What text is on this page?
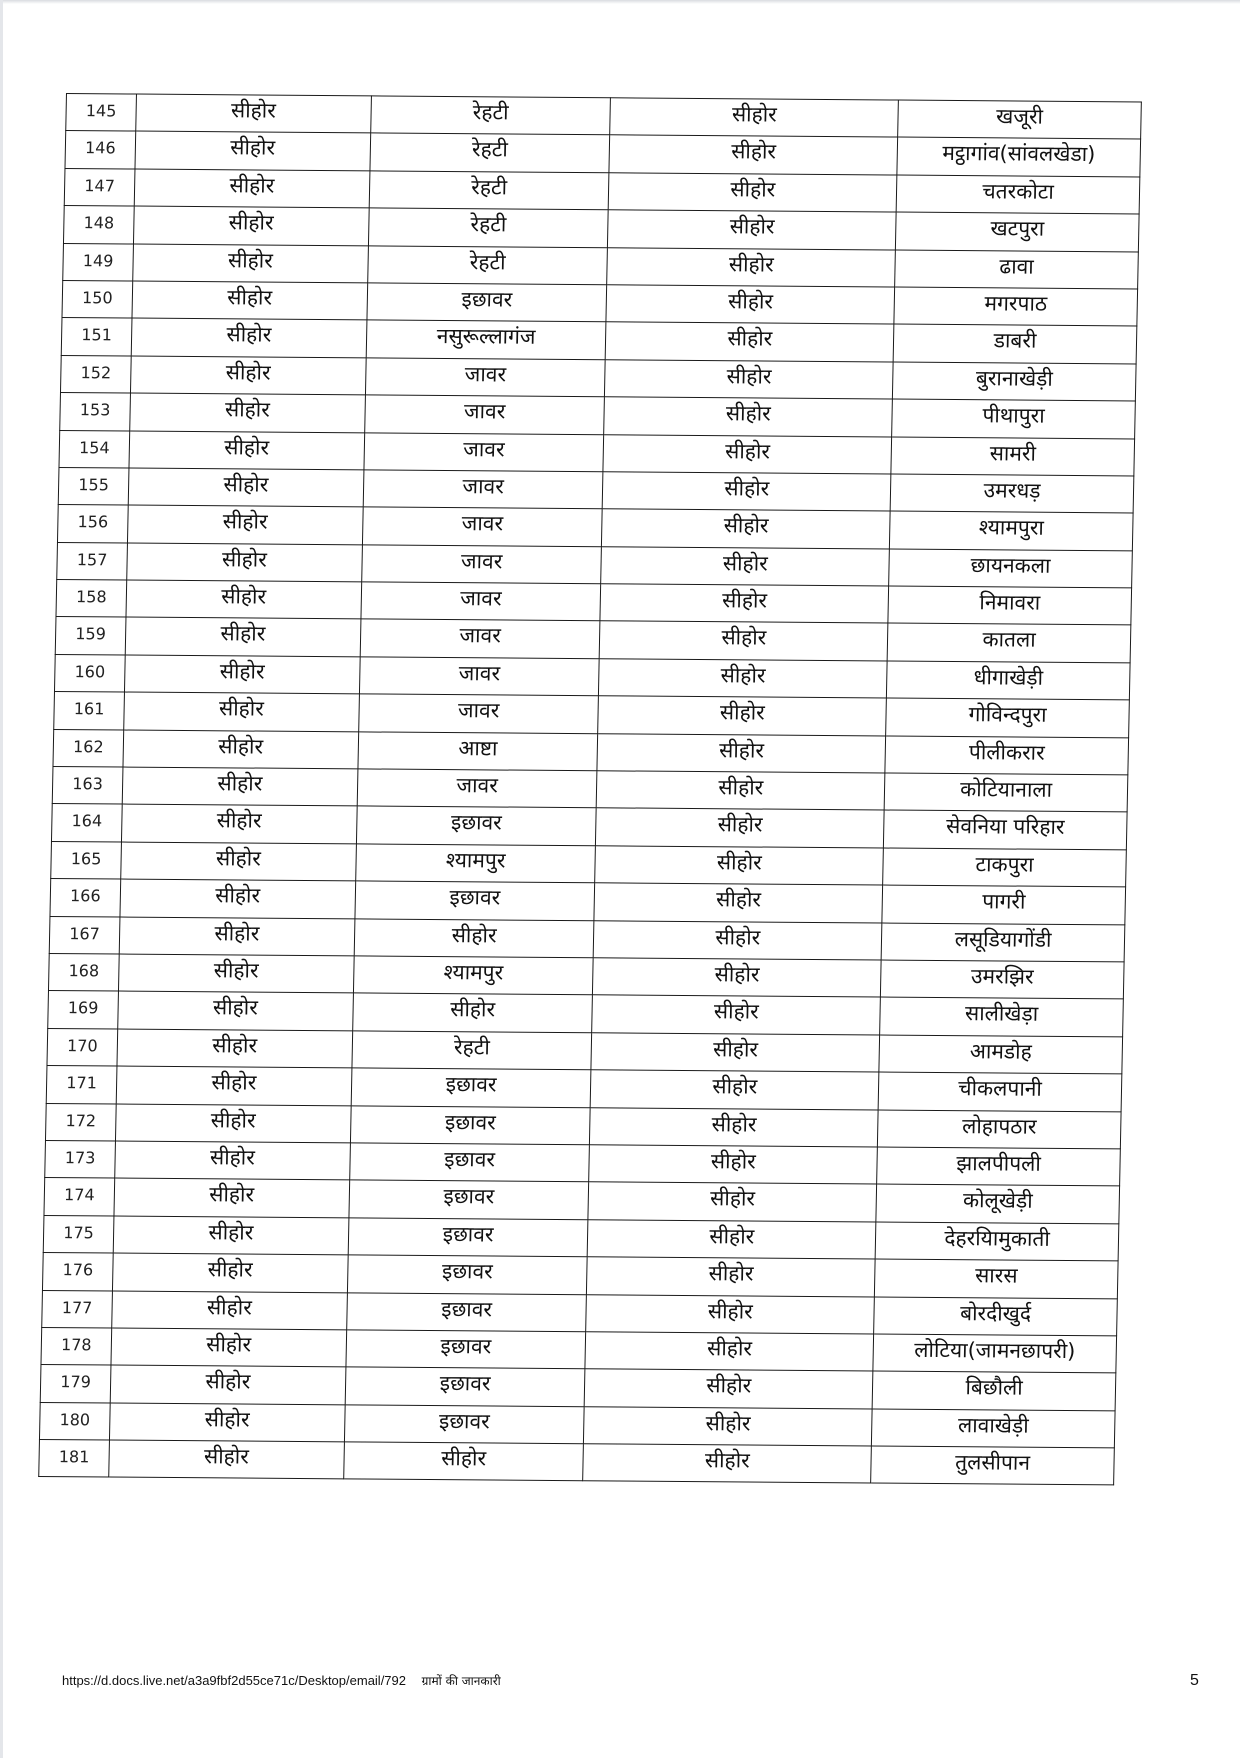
145	सीहोर	रेहटी	सीहोर	खजूरी
146	सीहोर	रेहटी	सीहोर	मट्ठागांव(सांवलखेडा)
147	सीहोर	रेहटी	सीहोर	चतरकोटा
148	सीहोर	रेहटी	सीहोर	खटपुरा
149	सीहोर	रेहटी	सीहोर	ढावा
150	सीहोर	इछावर	सीहोर	मगरपाठ
151	सीहोर	नसुरूल्लागंज	सीहोर	डाबरी
152	सीहोर	जावर	सीहोर	बुरानाखेड़ी
153	सीहोर	जावर	सीहोर	पीथापुरा
154	सीहोर	जावर	सीहोर	सामरी
155	सीहोर	जावर	सीहोर	उमरधड़
156	सीहोर	जावर	सीहोर	श्यामपुरा
157	सीहोर	जावर	सीहोर	छायनकला
158	सीहोर	जावर	सीहोर	निमावरा
159	सीहोर	जावर	सीहोर	कातला
160	सीहोर	जावर	सीहोर	धीगाखेड़ी
161	सीहोर	जावर	सीहोर	गोविन्दपुरा
162	सीहोर	आष्टा	सीहोर	पीलीकरार
163	सीहोर	जावर	सीहोर	कोटियानाला
164	सीहोर	इछावर	सीहोर	सेवनिया परिहार
165	सीहोर	श्यामपुर	सीहोर	टाकपुरा
166	सीहोर	इछावर	सीहोर	पागरी
167	सीहोर	सीहोर	सीहोर	लसूडियागोंडी
168	सीहोर	श्यामपुर	सीहोर	उमरझिर
169	सीहोर	सीहोर	सीहोर	सालीखेड़ा
170	सीहोर	रेहटी	सीहोर	आमडोह
171	सीहोर	इछावर	सीहोर	चीकलपानी
172	सीहोर	इछावर	सीहोर	लोहापठार
173	सीहोर	इछावर	सीहोर	झालपीपली
174	सीहोर	इछावर	सीहोर	कोलूखेड़ी
175	सीहोर	इछावर	सीहोर	देहरयिामुकाती
176	सीहोर	इछावर	सीहोर	सारस
177	सीहोर	इछावर	सीहोर	बोरदीखुर्द
178	सीहोर	इछावर	सीहोर	लोटिया(जामनछापरी)
179	सीहोर	इछावर	सीहोर	बिछौली
180	सीहोर	इछावर	सीहोर	लावाखेड़ी
181	सीहोर	सीहोर	सीहोर	तुलसीपान
https://d.docs.live.net/a3a9fbf2d55ce71c/Desktop/email/792 ग्रामों की जानकारी	5
